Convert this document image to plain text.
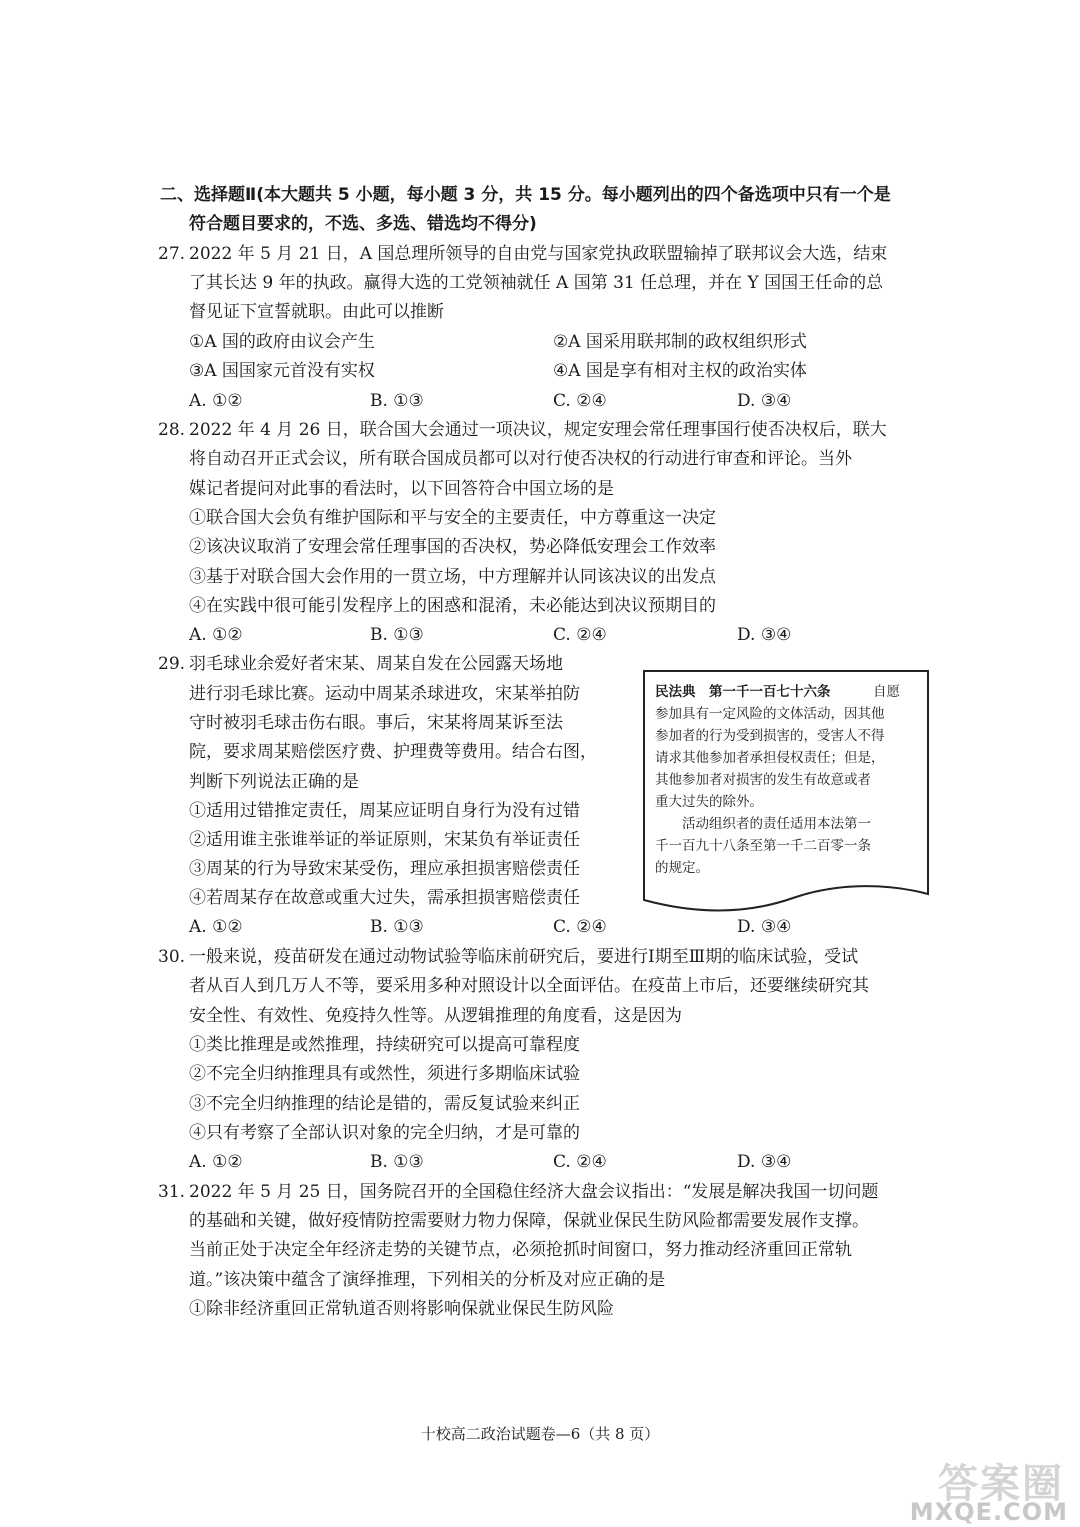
二、选择题Ⅱ(本大题共 5 小题，每小题 3 分，共 15 分。每小题列出的四个备选项中只有一个是
符合题目要求的，不选、多选、错选均不得分)
27. 2022 年 5 月 21 日，A 国总理所领导的自由党与国家党执政联盟输掉了联邦议会大选，结束
了其长达 9 年的执政。赢得大选的工党领袖就任 A 国第 31 任总理，并在 Y 国国王任命的总
督见证下宣誓就职。由此可以推断
①A 国的政府由议会产生	②A 国采用联邦制的政权组织形式
③A 国国家元首没有实权	④A 国是享有相对主权的政治实体
A. ①②	B. ①③	C. ②④	D. ③④
28. 2022 年 4 月 26 日，联合国大会通过一项决议，规定安理会常任理事国行使否决权后，联大
将自动召开正式会议，所有联合国成员都可以对行使否决权的行动进行审查和评论。当外
媒记者提问对此事的看法时，以下回答符合中国立场的是
①联合国大会负有维护国际和平与安全的主要责任，中方尊重这一决定
②该决议取消了安理会常任理事国的否决权，势必降低安理会工作效率
③基于对联合国大会作用的一贯立场，中方理解并认同该决议的出发点
④在实践中很可能引发程序上的困惑和混淆，未必能达到决议预期目的
A. ①②	B. ①③	C. ②④	D. ③④
29. 羽毛球业余爱好者宋某、周某自发在公园露天场地
进行羽毛球比赛。运动中周某杀球进攻，宋某举拍防
守时被羽毛球击伤右眼。事后，宋某将周某诉至法
院，要求周某赔偿医疗费、护理费等费用。结合右图，
判断下列说法正确的是
①适用过错推定责任，周某应证明自身行为没有过错
②适用谁主张谁举证的举证原则，宋某负有举证责任
③周某的行为导致宋某受伤，理应承担损害赔偿责任
④若周某存在故意或重大过失，需承担损害赔偿责任
A. ①②	B. ①③	C. ②④	D. ③④
民法典　第一千一百七十六条	自愿
参加具有一定风险的文体活动，因其他
参加者的行为受到损害的，受害人不得
请求其他参加者承担侵权责任；但是，
其他参加者对损害的发生有故意或者
重大过失的除外。
　　活动组织者的责任适用本法第一
千一百九十八条至第一千二百零一条
的规定。
30. 一般来说，疫苗研发在通过动物试验等临床前研究后，要进行Ⅰ期至Ⅲ期的临床试验，受试
者从百人到几万人不等，要采用多种对照设计以全面评估。在疫苗上市后，还要继续研究其
安全性、有效性、免疫持久性等。从逻辑推理的角度看，这是因为
①类比推理是或然推理，持续研究可以提高可靠程度
②不完全归纳推理具有或然性，须进行多期临床试验
③不完全归纳推理的结论是错的，需反复试验来纠正
④只有考察了全部认识对象的完全归纳，才是可靠的
A. ①②	B. ①③	C. ②④	D. ③④
31. 2022 年 5 月 25 日，国务院召开的全国稳住经济大盘会议指出：“发展是解决我国一切问题
的基础和关键，做好疫情防控需要财力物力保障，保就业保民生防风险都需要发展作支撑。
当前正处于决定全年经济走势的关键节点，必须抢抓时间窗口，努力推动经济重回正常轨
道。”该决策中蕴含了演绎推理，下列相关的分析及对应正确的是
①除非经济重回正常轨道否则将影响保就业保民生防风险
十校高二政治试题卷—6（共 8 页）
答案圈
MXQE.COM
